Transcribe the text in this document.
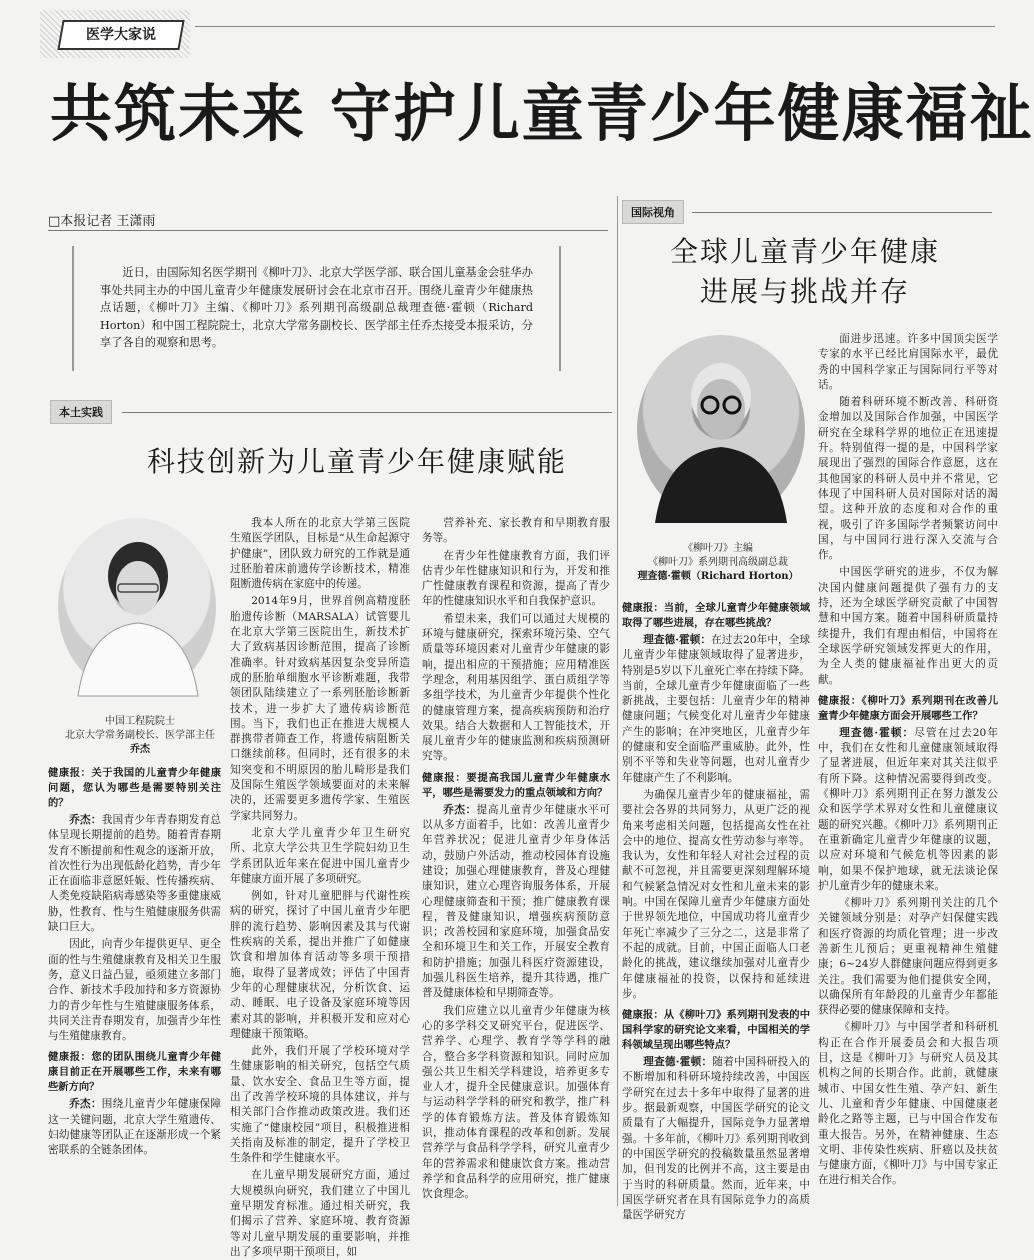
医学大家说
共筑未来 守护儿童青少年健康福祉
□本报记者 王潇雨
近日，由国际知名医学期刊《柳叶刀》、北京大学医学部、联合国儿童基金会驻华办事处共同主办的中国儿童青少年健康发展研讨会在北京市召开。围绕儿童青少年健康热点话题，《柳叶刀》主编、《柳叶刀》系列期刊高级副总裁理查德·霍顿（Richard Horton）和中国工程院院士，北京大学常务副校长、医学部主任乔杰接受本报采访，分享了各自的观察和思考。
本土实践
科技创新为儿童青少年健康赋能
中国工程院院士
北京大学常务副校长、医学部主任
乔杰
健康报：关于我国的儿童青少年健康问题，您认为哪些是需要特别关注的？

乔杰：我国青少年青春期发育总体呈现长期提前的趋势。随着青春期发育不断提前和性观念的逐渐开放，首次性行为出现低龄化趋势，青少年正在面临非意愿妊娠、性传播疾病、人类免疫缺陷病毒感染等多重健康威胁，性教育、性与生殖健康服务供需缺口巨大。

因此，向青少年提供更早、更全面的性与生殖健康教育及相关卫生服务，意义日益凸显，亟须建立多部门合作、新技术手段加持和多方资源协力的青少年性与生殖健康服务体系，共同关注青春期发育，加强青少年性与生殖健康教育。

健康报：您的团队围绕儿童青少年健康目前正在开展哪些工作，未来有哪些新方向？

乔杰：围绕儿童青少年健康保障这一关键问题，北京大学生殖遗传、妇幼健康等团队正在逐渐形成一个紧密联系的全链条团体。

我本人所在的北京大学第三医院生殖医学团队，目标是“从生命起源守护健康”，团队致力研究的工作就是通过胚胎着床前遗传学诊断技术，精准阻断遗传病在家庭中的传递。

2014年9月，世界首例高精度胚胎遗传诊断（MARSALA）试管婴儿在北京大学第三医院出生，新技术扩大了致病基因诊断范围，提高了诊断准确率。针对致病基因复杂变异所造成的胚胎单细胞水平诊断难题，我带领团队陆续建立了一系列胚胎诊断新技术，进一步扩大了遗传病诊断范围。当下，我们也正在推进大规模人群携带者筛查工作，将遗传病阻断关口继续前移。但同时，还有很多的未知突变和不明原因的胎儿畸形是我们及国际生殖医学领域要面对的未来解决的，还需要更多遗传学家、生殖医学家共同努力。

北京大学儿童青少年卫生研究所、北京大学公共卫生学院妇幼卫生学系团队近年来在促进中国儿童青少年健康方面开展了多项研究。

例如，针对儿童肥胖与代谢性疾病的研究，探讨了中国儿童青少年肥胖的流行趋势、影响因素及其与代谢性疾病的关系，提出并推广了如健康饮食和增加体育活动等多项干预措施，取得了显著成效；评估了中国青少年的心理健康状况，分析饮食、运动、睡眠、电子设备及家庭环境等因素对其的影响，并积极开发和应对心理健康干预策略。

此外，我们开展了学校环境对学生健康影响的相关研究，包括空气质量、饮水安全、食品卫生等方面，提出了改善学校环境的具体建议，并与相关部门合作推动政策改进。我们还实施了“健康校园”项目，积极推进相关指南及标准的制定，提升了学校卫生条件和学生健康水平。

在儿童早期发展研究方面，通过大规模纵向研究，我们建立了中国儿童早期发育标准。通过相关研究，我们揭示了营养、家庭环境、教育资源等对儿童早期发展的重要影响，并推出了多项早期干预项目，如

营养补充、家长教育和早期教育服务等。

在青少年性健康教育方面，我们评估青少年性健康知识和行为，开发和推广性健康教育课程和资源，提高了青少年的性健康知识水平和自我保护意识。

希望未来，我们可以通过大规模的环境与健康研究，探索环境污染、空气质量等环境因素对儿童青少年健康的影响，提出相应的干预措施；应用精准医学理念，利用基因组学、蛋白质组学等多组学技术，为儿童青少年提供个性化的健康管理方案，提高疾病预防和治疗效果。结合大数据和人工智能技术，开展儿童青少年的健康监测和疾病预测研究等。

健康报：要提高我国儿童青少年健康水平，哪些是需要发力的重点领域和方向？

乔杰：提高儿童青少年健康水平可以从多方面着手，比如：改善儿童青少年营养状况；促进儿童青少年身体活动，鼓励户外活动，推动校园体育设施建设；加强心理健康教育，普及心理健康知识，建立心理咨询服务体系，开展心理健康筛查和干预；推广健康教育课程，普及健康知识，增强疾病预防意识；改善校园和家庭环境，加强食品安全和环境卫生和关工作，开展安全教育和防护措施；加强儿科医疗资源建设，加强儿科医生培养，提升其待遇，推广普及健康体检和早期筛查等。

我们应建立以儿童青少年健康为核心的多学科交叉研究平台，促进医学、营养学、心理学、教育学等学科的融合，整合多学科资源和知识。同时应加强公共卫生相关学科建设，培养更多专业人才，提升全民健康意识。加强体育与运动科学学科的研究和教学，推广科学的体育锻炼方法。普及体育锻炼知识，推动体育课程的改革和创新。发展营养学与食品科学学科，研究儿童青少年的营养需求和健康饮食方案。推动营养学和食品科学的应用研究，推广健康饮食理念。

国际视角
全球儿童青少年健康
进展与挑战并存
《柳叶刀》主编
《柳叶刀》系列期刊高级副总裁
理查德·霍顿（Richard Horton）
健康报：当前，全球儿童青少年健康领域取得了哪些进展，存在哪些挑战？

理查德·霍顿：在过去20年中，全球儿童青少年健康领域取得了显著进步，特别是5岁以下儿童死亡率在持续下降。当前，全球儿童青少年健康面临了一些新挑战，主要包括：儿童青少年的精神健康问题；气候变化对儿童青少年健康产生的影响；在冲突地区，儿童青少年的健康和安全面临严重威胁。此外，性别不平等和失业等问题，也对儿童青少年健康产生了不利影响。

为确保儿童青少年的健康福祉，需要社会各界的共同努力，从更广泛的视角来考虑相关问题，包括提高女性在社会中的地位、提高女性劳动参与率等。我认为，女性和年轻人对社会过程的贡献不可忽视，并且需要更深刻理解环境和气候紧急情况对女性和儿童未来的影响。中国在保障儿童青少年健康方面处于世界领先地位，中国成功将儿童青少年死亡率减少了三分之二，这是非常了不起的成就。目前，中国正面临人口老龄化的挑战，建议继续加强对儿童青少年健康福祉的投资，以保持和延续进步。

健康报：从《柳叶刀》系列期刊发表的中国科学家的研究论文来看，中国相关的学科领域呈现出哪些特点？

理查德·霍顿：随着中国科研投入的不断增加和科研环境持续改善，中国医学研究在过去十多年中取得了显著的进步。据最新观察，中国医学研究的论文质量有了大幅提升，国际竞争力显著增强。十多年前，《柳叶刀》系列期刊收到的中国医学研究的投稿数量虽然显著增加，但刊发的比例并不高，这主要是由于当时的科研质量。然而，近年来，中国医学研究者在具有国际竞争力的高质量医学研究方

面进步迅速。许多中国顶尖医学专家的水平已经比肩国际水平，最优秀的中国科学家正与国际同行平等对话。

随着科研环境不断改善、科研资金增加以及国际合作加强，中国医学研究在全球科学界的地位正在迅速提升。特别值得一提的是，中国科学家展现出了强烈的国际合作意愿，这在其他国家的科研人员中并不常见，它体现了中国科研人员对国际对话的渴望。这种开放的态度和对合作的重视，吸引了许多国际学者频繁访问中国，与中国同行进行深入交流与合作。

中国医学研究的进步，不仅为解决国内健康问题提供了强有力的支持，还为全球医学研究贡献了中国智慧和中国方案。随着中国科研质量持续提升，我们有理由相信，中国将在全球医学研究领域发挥更大的作用，为全人类的健康福祉作出更大的贡献。

健康报：《柳叶刀》系列期刊在改善儿童青少年健康方面会开展哪些工作？

理查德·霍顿：尽管在过去20年中，我们在女性和儿童健康领域取得了显著进展，但近年来对其关注似乎有所下降。这种情况需要得到改变。《柳叶刀》系列期刊正在努力激发公众和医学学术界对女性和儿童健康议题的研究兴趣。《柳叶刀》系列期刊正在重新确定儿童青少年健康的议题，以应对环境和气候危机等因素的影响，如果不保护地球，就无法谈论保护儿童青少年的健康未来。

《柳叶刀》系列期刊关注的几个关键领域分别是：对孕产妇保健实践和医疗资源的均质化管理；进一步改善新生儿预后；更重视精神生殖健康；6~24岁人群健康问题应得到更多关注。我们需要为他们提供安全网，以确保所有年龄段的儿童青少年都能获得必要的健康保障和支持。

《柳叶刀》与中国学者和科研机构正在合作开展委员会和大报告项目，这是《柳叶刀》与研究人员及其机构之间的长期合作。此前，就健康城市、中国女性生殖、孕产妇、新生儿、儿童和青少年健康、中国健康老龄化之路等主题，已与中国合作发布重大报告。另外，在精神健康、生态文明、非传染性疾病、肝癌以及扶贫与健康方面，《柳叶刀》与中国专家正在进行相关合作。
